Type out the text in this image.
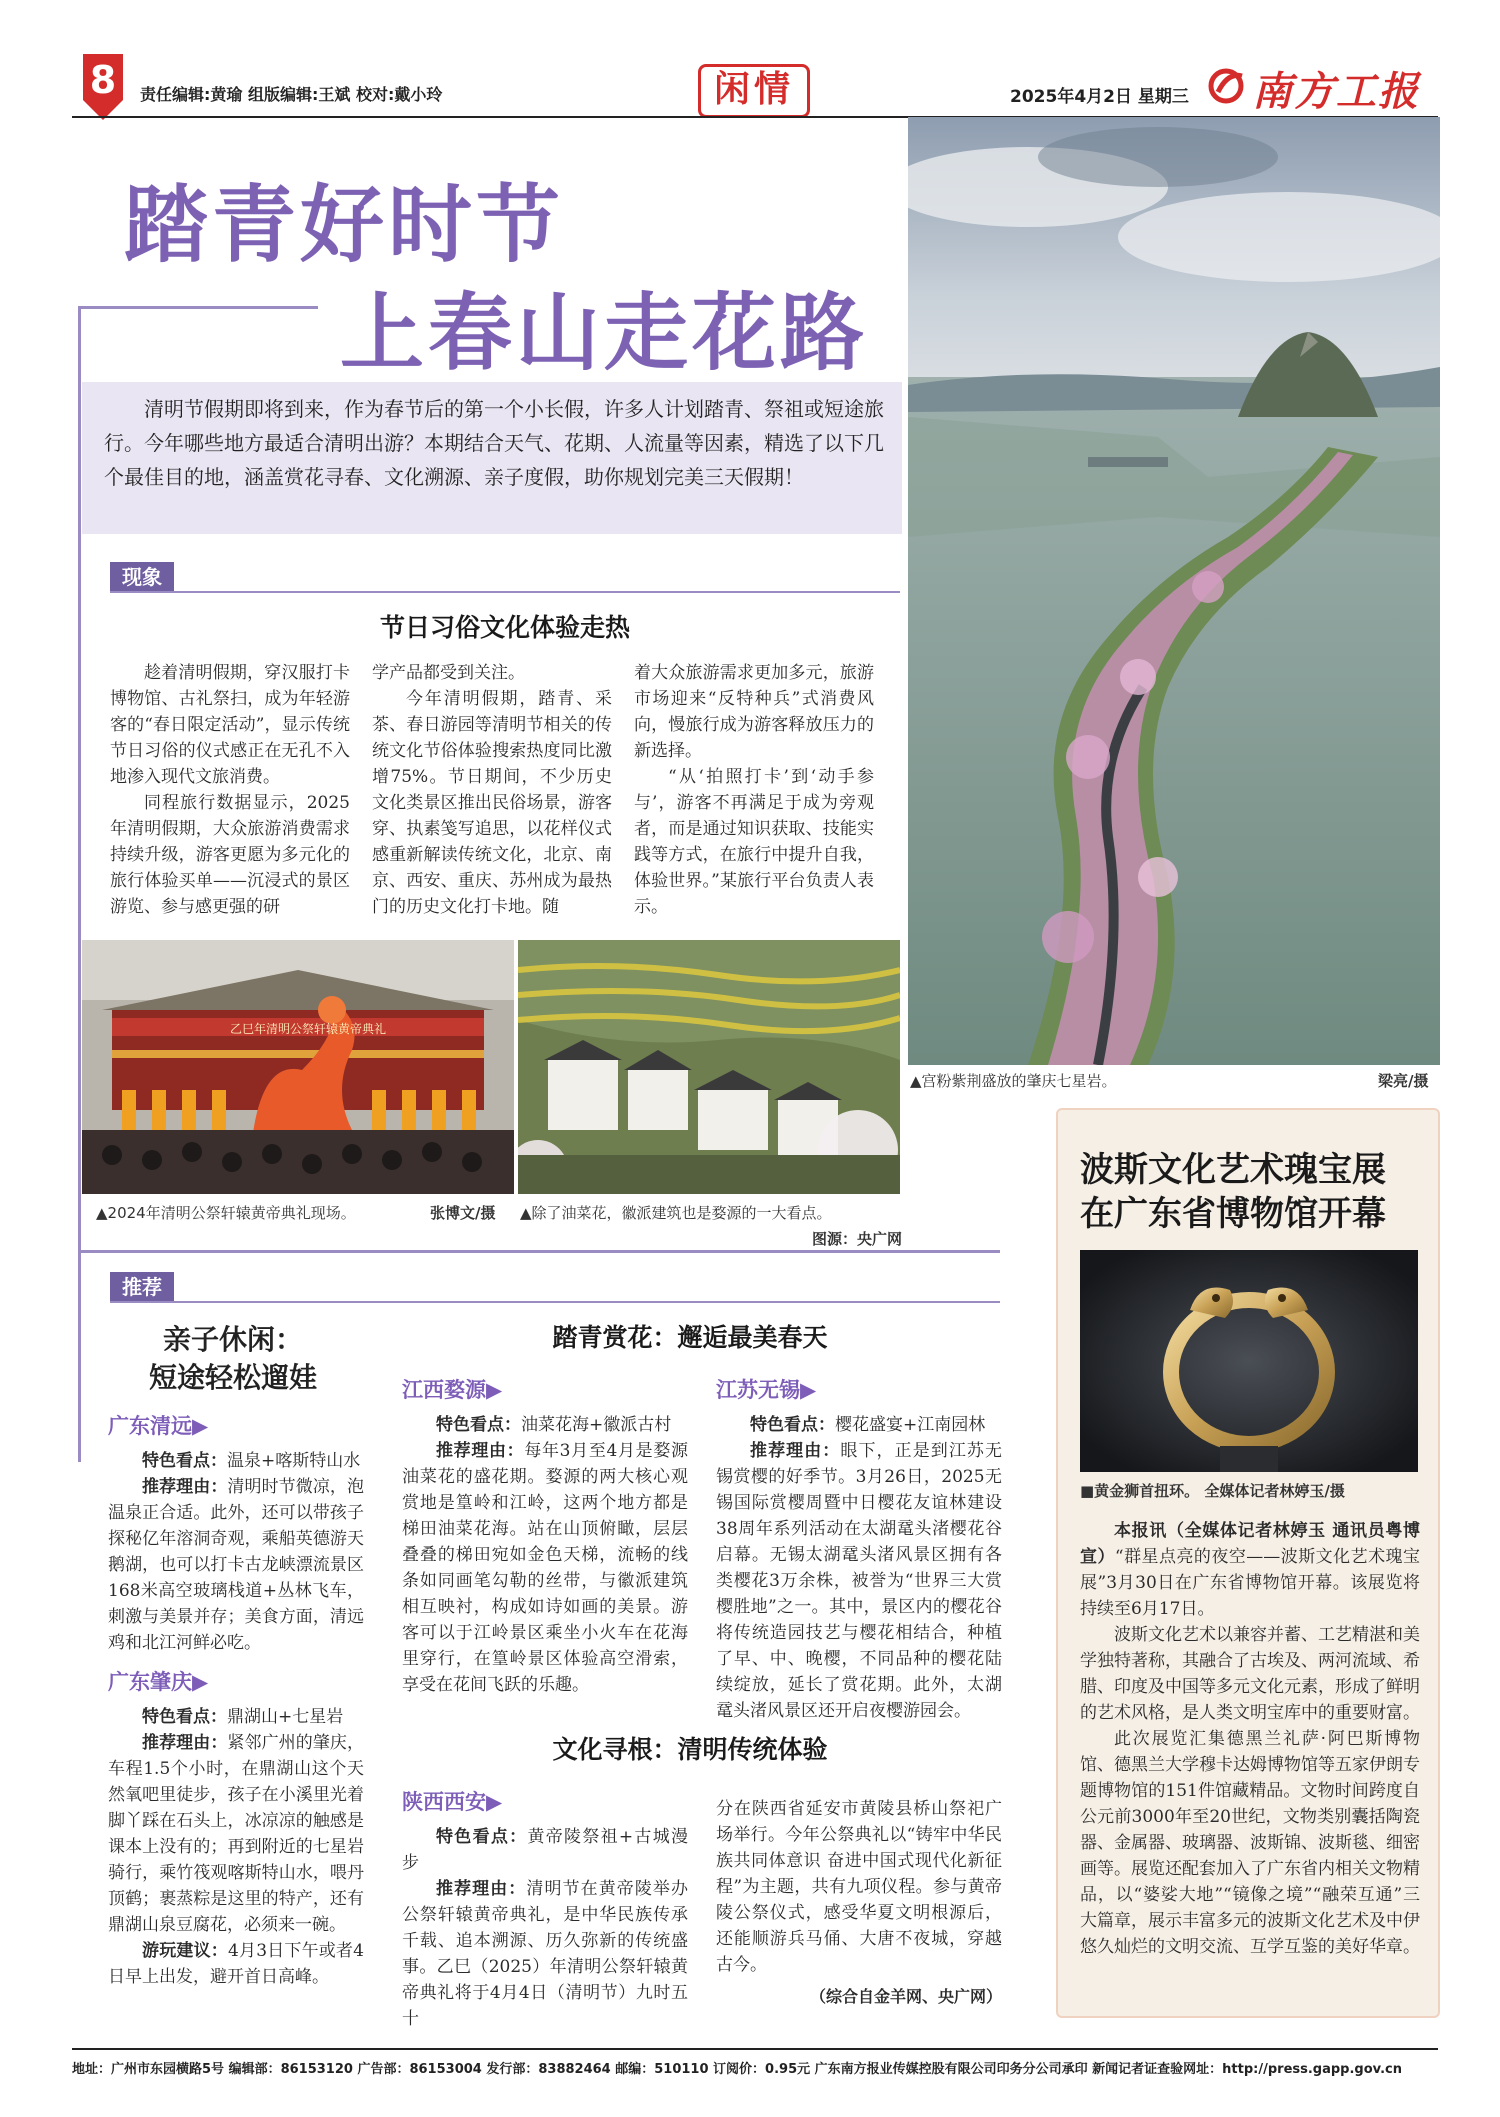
8	责任编辑:黄瑜 组版编辑:王斌 校对:戴小玲	闲情	2025年4月2日 星期三 南方工报
踏青好时节
上春山走花路
清明节假期即将到来，作为春节后的第一个小长假，许多人计划踏青、祭祖或短途旅行。今年哪些地方最适合清明出游？本期结合天气、花期、人流量等因素，精选了以下几个最佳目的地，涵盖赏花寻春、文化溯源、亲子度假，助你规划完美三天假期！
▲宫粉紫荆盛放的肇庆七星岩。	梁亮/摄
现象
节日习俗文化体验走热

趁着清明假期，穿汉服打卡博物馆、古礼祭扫，成为年轻游客的“春日限定活动”，显示传统节日习俗的仪式感正在无孔不入地渗入现代文旅消费。

同程旅行数据显示，2025年清明假期，大众旅游消费需求持续升级，游客更愿为多元化的旅行体验买单——沉浸式的景区游览、参与感更强的研

学产品都受到关注。

今年清明假期，踏青、采茶、春日游园等清明节相关的传统文化节俗体验搜索热度同比激增75%。节日期间，不少历史文化类景区推出民俗场景，游客穿、执素笺写追思，以花样仪式感重新解读传统文化，北京、南京、西安、重庆、苏州成为最热门的历史文化打卡地。随

着大众旅游需求更加多元，旅游市场迎来“反特种兵”式消费风向，慢旅行成为游客释放压力的新选择。

“从‘拍照打卡’到‘动手参与’，游客不再满足于成为旁观者，而是通过知识获取、技能实践等方式，在旅行中提升自我，体验世界。”某旅行平台负责人表示。

乙巳年清明公祭轩辕黄帝典礼
▲2024年清明公祭轩辕黄帝典礼现场。	张博文/摄 ▲除了油菜花，徽派建筑也是婺源的一大看点。
图源：央广网
推荐
亲子休闲：
短途轻松遛娃
广东清远▶
特色看点：温泉+喀斯特山水
推荐理由：清明时节微凉，泡温泉正合适。此外，还可以带孩子探秘亿年溶洞奇观，乘船英德游天鹅湖，也可以打卡古龙峡漂流景区168米高空玻璃栈道+丛林飞车，刺激与美景并存；美食方面，清远鸡和北江河鲜必吃。
广东肇庆▶
特色看点：鼎湖山+七星岩
推荐理由：紧邻广州的肇庆，车程1.5个小时，在鼎湖山这个天然氧吧里徒步，孩子在小溪里光着脚丫踩在石头上，冰凉凉的触感是课本上没有的；再到附近的七星岩骑行，乘竹筏观喀斯特山水，喂丹顶鹤；裹蒸粽是这里的特产，还有鼎湖山泉豆腐花，必须来一碗。
游玩建议：4月3日下午或者4日早上出发，避开首日高峰。
踏青赏花：邂逅最美春天
江西婺源▶
特色看点：油菜花海+徽派古村
推荐理由：每年3月至4月是婺源油菜花的盛花期。婺源的两大核心观赏地是篁岭和江岭，这两个地方都是梯田油菜花海。站在山顶俯瞰，层层叠叠的梯田宛如金色天梯，流畅的线条如同画笔勾勒的丝带，与徽派建筑相互映衬，构成如诗如画的美景。游客可以于江岭景区乘坐小火车在花海里穿行，在篁岭景区体验高空滑索，享受在花间飞跃的乐趣。
江苏无锡▶
特色看点：樱花盛宴+江南园林
推荐理由：眼下，正是到江苏无锡赏樱的好季节。3月26日，2025无锡国际赏樱周暨中日樱花友谊林建设38周年系列活动在太湖鼋头渚樱花谷启幕。无锡太湖鼋头渚风景区拥有各类樱花3万余株，被誉为“世界三大赏樱胜地”之一。其中，景区内的樱花谷将传统造园技艺与樱花相结合，种植了早、中、晚樱，不同品种的樱花陆续绽放，延长了赏花期。此外，太湖鼋头渚风景区还开启夜樱游园会。
文化寻根：清明传统体验
陕西西安▶
特色看点：黄帝陵祭祖+古城漫步
推荐理由：清明节在黄帝陵举办公祭轩辕黄帝典礼，是中华民族传承千载、追本溯源、历久弥新的传统盛事。乙巳（2025）年清明公祭轩辕黄帝典礼将于4月4日（清明节）九时五十
分在陕西省延安市黄陵县桥山祭祀广场举行。今年公祭典礼以“铸牢中华民族共同体意识 奋进中国式现代化新征程”为主题，共有九项仪程。参与黄帝陵公祭仪式，感受华夏文明根源后，还能顺游兵马俑、大唐不夜城，穿越古今。
（综合自金羊网、央广网）
波斯文化艺术瑰宝展
在广东省博物馆开幕
■黄金狮首扭环。 全媒体记者林婷玉/摄
本报讯（全媒体记者林婷玉 通讯员粤博宣）“群星点亮的夜空——波斯文化艺术瑰宝展”3月30日在广东省博物馆开幕。该展览将持续至6月17日。
波斯文化艺术以兼容并蓄、工艺精湛和美学独特著称，其融合了古埃及、两河流域、希腊、印度及中国等多元文化元素，形成了鲜明的艺术风格，是人类文明宝库中的重要财富。
此次展览汇集德黑兰礼萨·阿巴斯博物馆、德黑兰大学穆卡达姆博物馆等五家伊朗专题博物馆的151件馆藏精品。文物时间跨度自公元前3000年至20世纪，文物类别囊括陶瓷器、金属器、玻璃器、波斯锦、波斯毯、细密画等。展览还配套加入了广东省内相关文物精品，以“婆娑大地”“镜像之境”“融荣互通”三大篇章，展示丰富多元的波斯文化艺术及中伊悠久灿烂的文明交流、互学互鉴的美好华章。
地址：广州市东园横路5号 编辑部：86153120 广告部：86153004 发行部：83882464 邮编：510110 订阅价：0.95元 广东南方报业传媒控股有限公司印务分公司承印 新闻记者证查验网址：http://press.gapp.gov.cn
